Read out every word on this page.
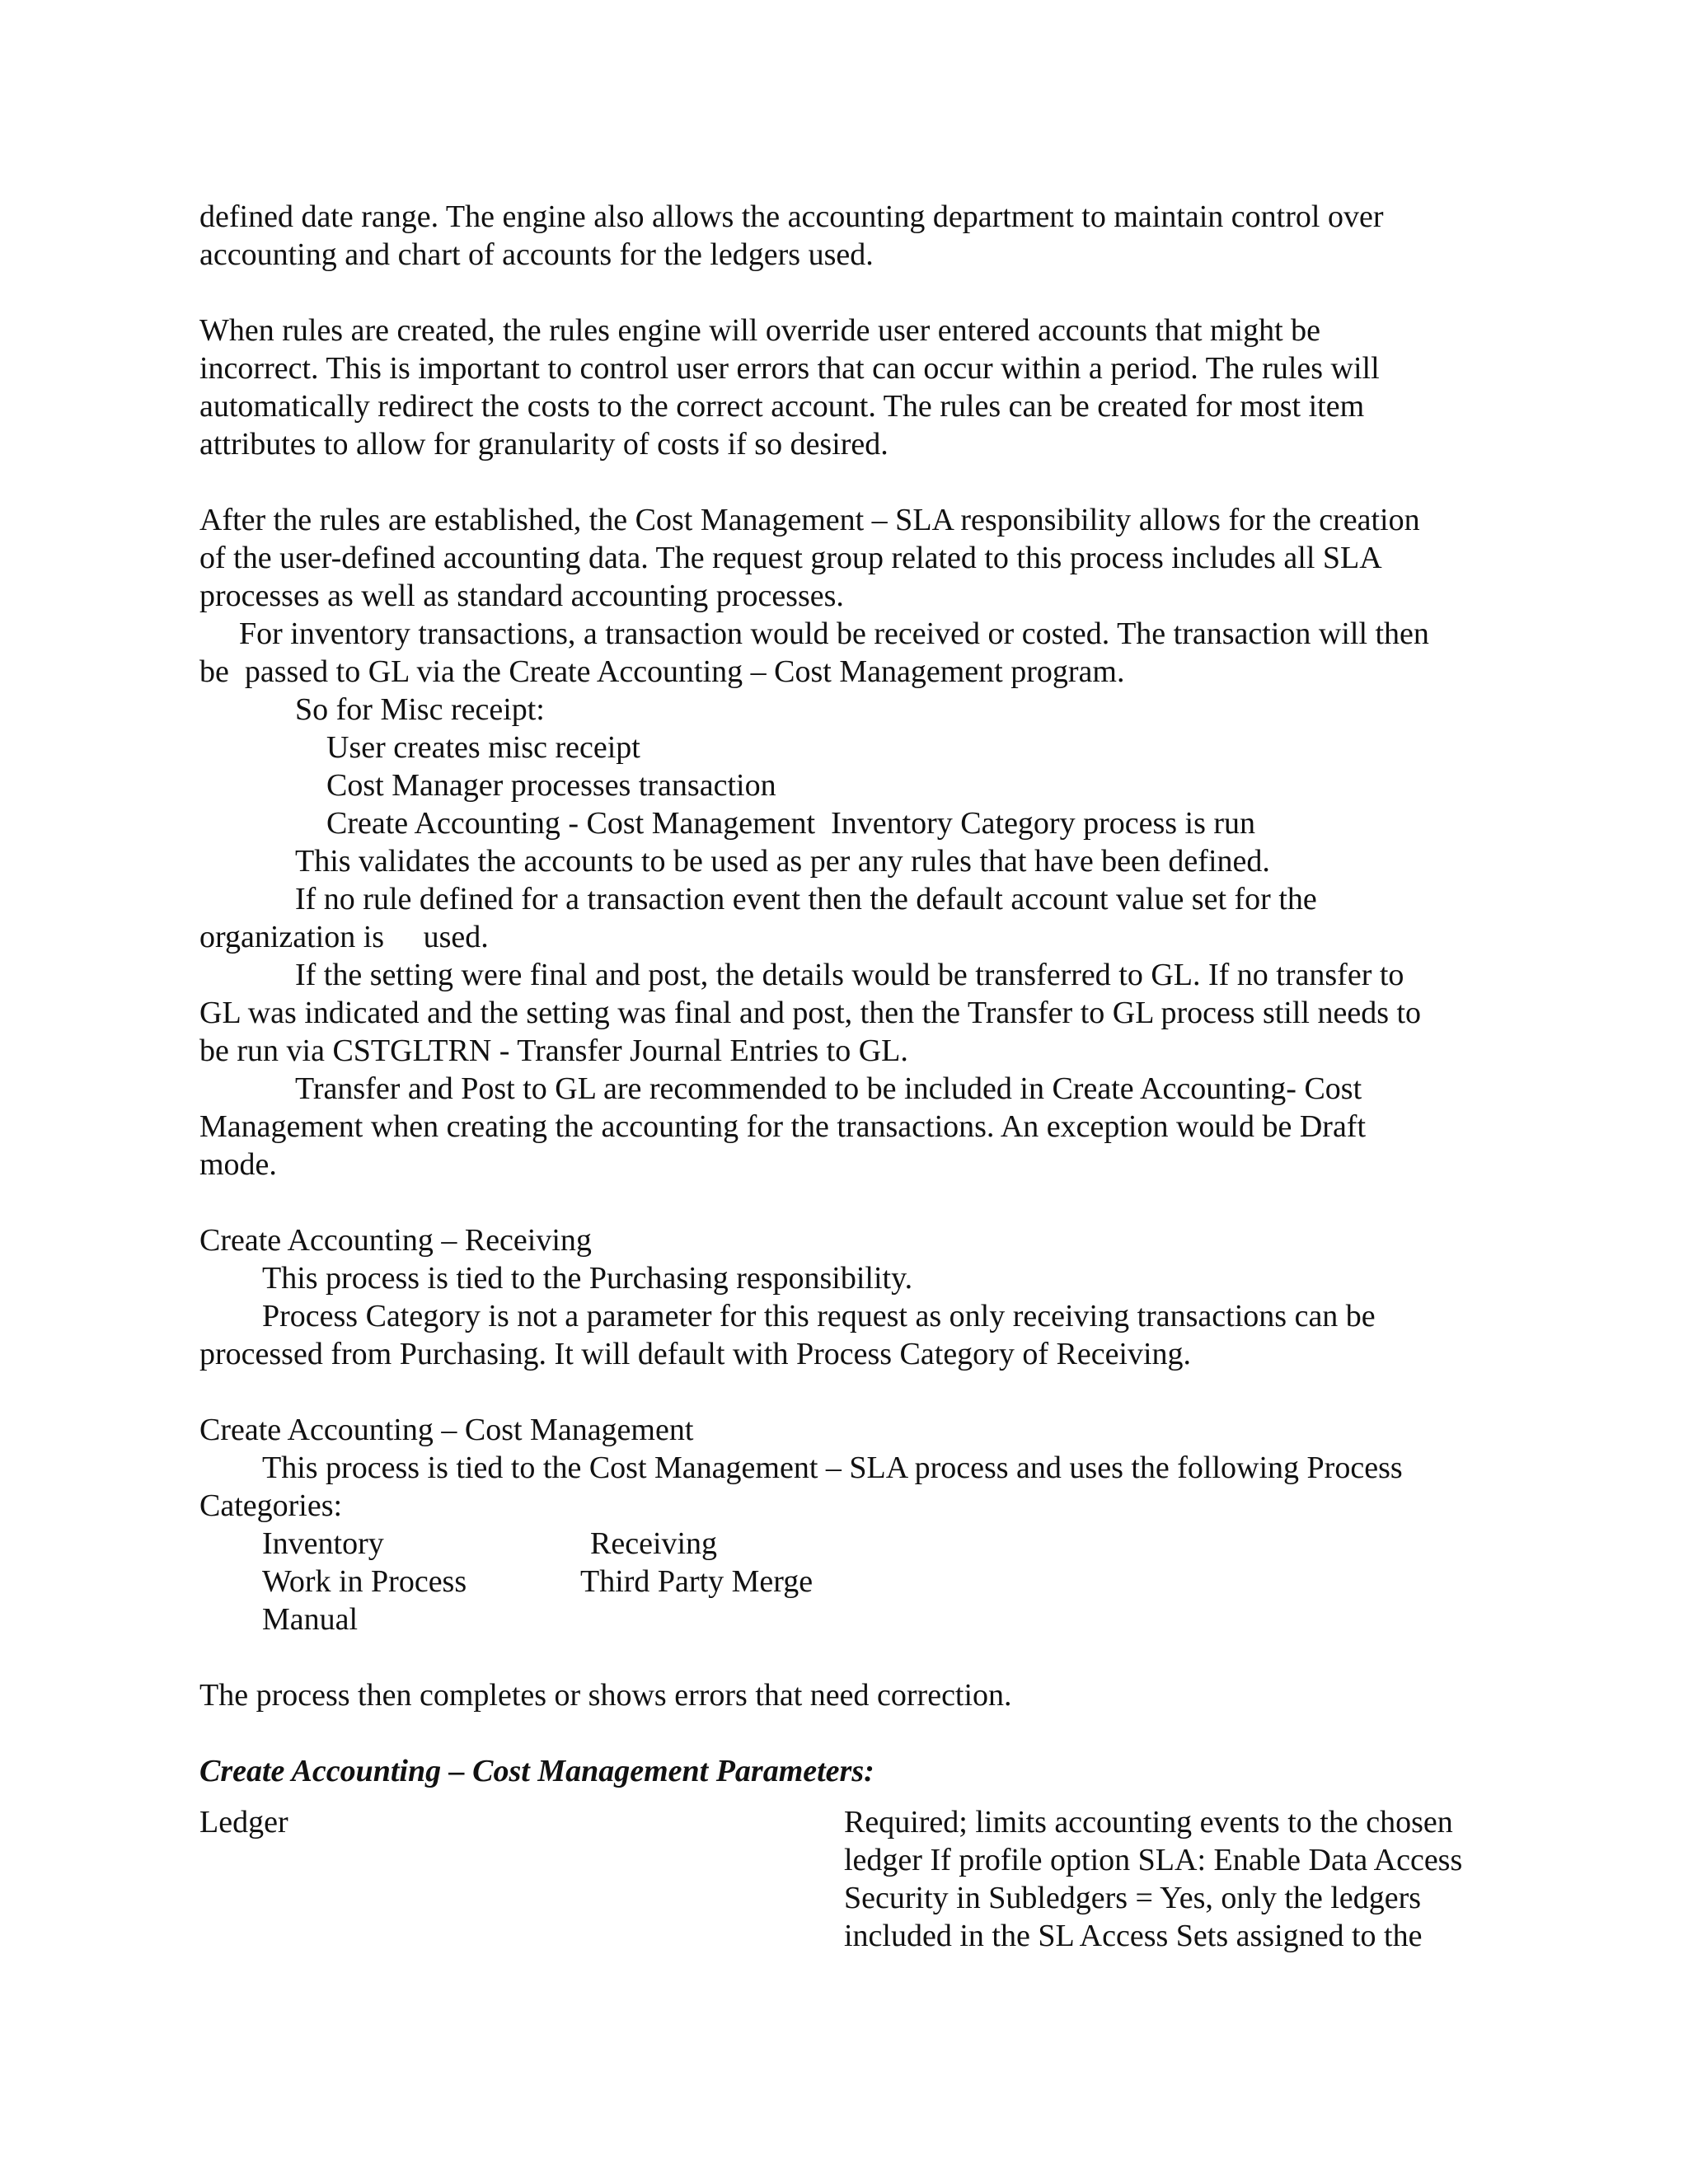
defined date range. The engine also allows the accounting department to maintain control over
accounting and chart of accounts for the ledgers used.
When rules are created, the rules engine will override user entered accounts that might be
incorrect. This is important to control user errors that can occur within a period. The rules will
automatically redirect the costs to the correct account. The rules can be created for most item
attributes to allow for granularity of costs if so desired.
After the rules are established, the Cost Management – SLA responsibility allows for the creation
of the user-defined accounting data. The request group related to this process includes all SLA
processes as well as standard accounting processes.
For inventory transactions, a transaction would be received or costed. The transaction will then
be  passed to GL via the Create Accounting – Cost Management program.
So for Misc receipt:
User creates misc receipt
Cost Manager processes transaction
Create Accounting - Cost Management  Inventory Category process is run
This validates the accounts to be used as per any rules that have been defined.
If no rule defined for a transaction event then the default account value set for the
organization is     used.
If the setting were final and post, the details would be transferred to GL. If no transfer to
GL was indicated and the setting was final and post, then the Transfer to GL process still needs to
be run via CSTGLTRN - Transfer Journal Entries to GL.
Transfer and Post to GL are recommended to be included in Create Accounting- Cost
Management when creating the accounting for the transactions. An exception would be Draft
mode.
Create Accounting – Receiving
This process is tied to the Purchasing responsibility.
Process Category is not a parameter for this request as only receiving transactions can be
processed from Purchasing. It will default with Process Category of Receiving.
Create Accounting – Cost Management
This process is tied to the Cost Management – SLA process and uses the following Process
Categories:
Inventory	Receiving
Work in Process	Third Party Merge
Manual
The process then completes or shows errors that need correction.
Create Accounting – Cost Management Parameters:
Ledger	Required; limits accounting events to the chosen
ledger If profile option SLA: Enable Data Access
Security in Subledgers = Yes, only the ledgers
included in the SL Access Sets assigned to the
